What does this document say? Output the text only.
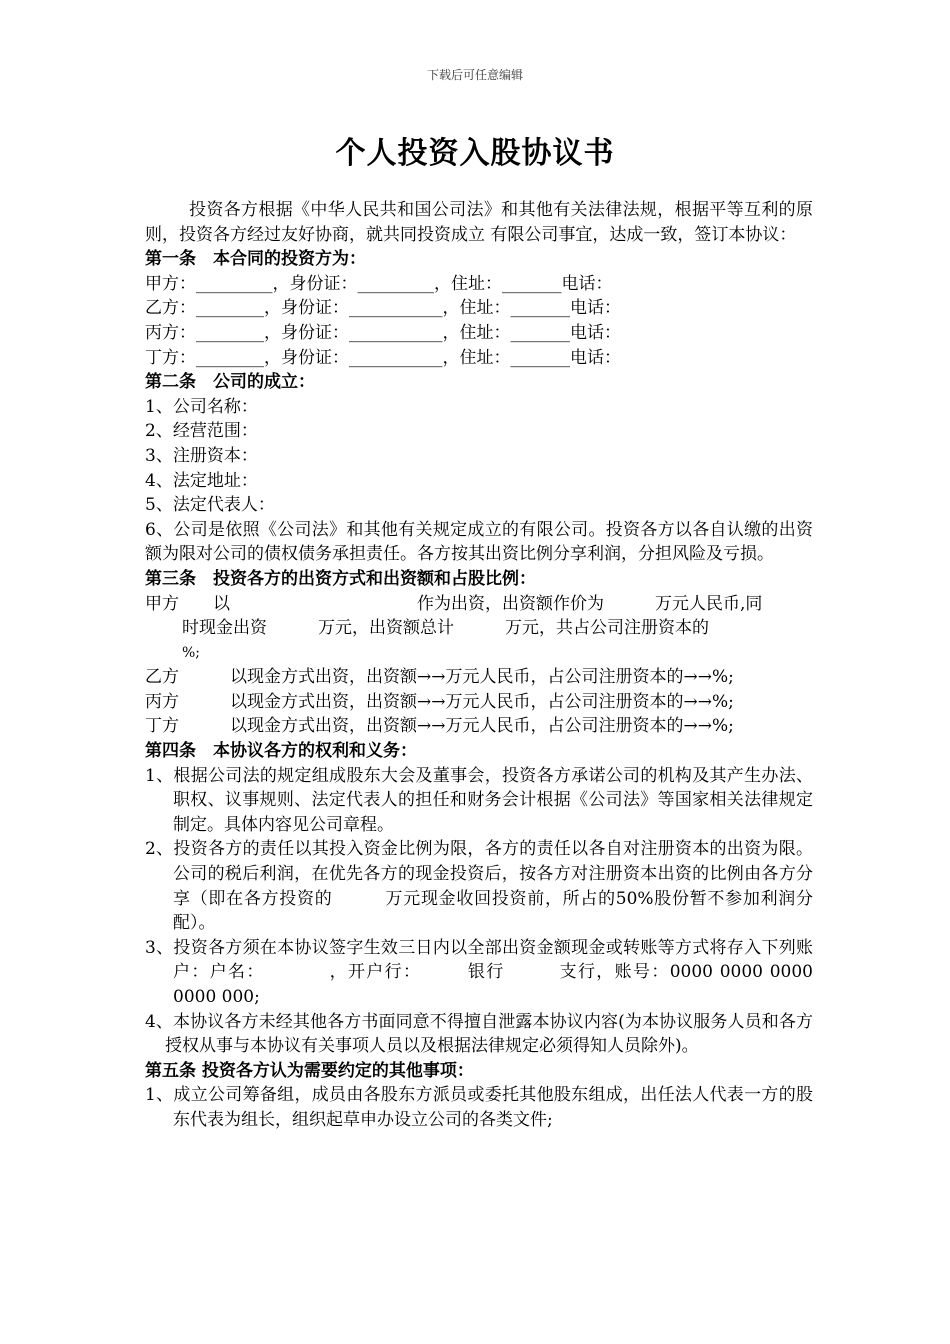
下载后可任意编辑
个人投资入股协议书

投资各方根据《中华人民共和国公司法》和其他有关法律法规，根据平等互利的原则，投资各方经过友好协商，就共同投资成立 有限公司事宜，达成一致，签订本协议：

第一条　本合同的投资方为：

甲方：_________，身份证：_________，住址：_______电话：

乙方：________，身份证：___________，住址：_______电话：

丙方：________，身份证：___________，住址：_______电话：

丁方：________，身份证：___________，住址：_______电话：

第二条　公司的成立：

1、公司名称：

2、经营范围：

3、注册资本：

4、法定地址：

5、法定代表人：

6、公司是依照《公司法》和其他有关规定成立的有限公司。投资各方以各自认缴的出资额为限对公司的债权债务承担责任。各方按其出资比例分享利润，分担风险及亏损。

第三条　投资各方的出资方式和出资额和占股比例：

甲方　　以　　　　　　　　　　　作为出资，出资额作价为　　　万元人民币,同

时现金出资　　　万元，出资额总计　　　万元，共占公司注册资本的

%;

乙方　　　以现金方式出资，出资额→→万元人民币，占公司注册资本的→→%;

丙方　　　以现金方式出资，出资额→→万元人民币，占公司注册资本的→→%;

丁方　　　以现金方式出资，出资额→→万元人民币，占公司注册资本的→→%;

第四条　本协议各方的权利和义务：

1、根据公司法的规定组成股东大会及董事会，投资各方承诺公司的机构及其产生办法、职权、议事规则、法定代表人的担任和财务会计根据《公司法》等国家相关法律规定制定。具体内容见公司章程。

2、投资各方的责任以其投入资金比例为限，各方的责任以各自对注册资本的出资为限。公司的税后利润，在优先各方的现金投资后，按各方对注册资本出资的比例由各方分享（即在各方投资的　　　万元现金收回投资前，所占的50%股份暂不参加利润分配）。

3、投资各方须在本协议签字生效三日内以全部出资金额现金或转账等方式将存入下列账户：户名：　　　　，开户行：　　　银行　　　支行，账号：0000 0000 0000 0000 000;

4、本协议各方未经其他各方书面同意不得擅自泄露本协议内容(为本协议服务人员和各方授权从事与本协议有关事项人员以及根据法律规定必须得知人员除外)。

第五条 投资各方认为需要约定的其他事项：

1、成立公司筹备组，成员由各股东方派员或委托其他股东组成，出任法人代表一方的股东代表为组长，组织起草申办设立公司的各类文件;
